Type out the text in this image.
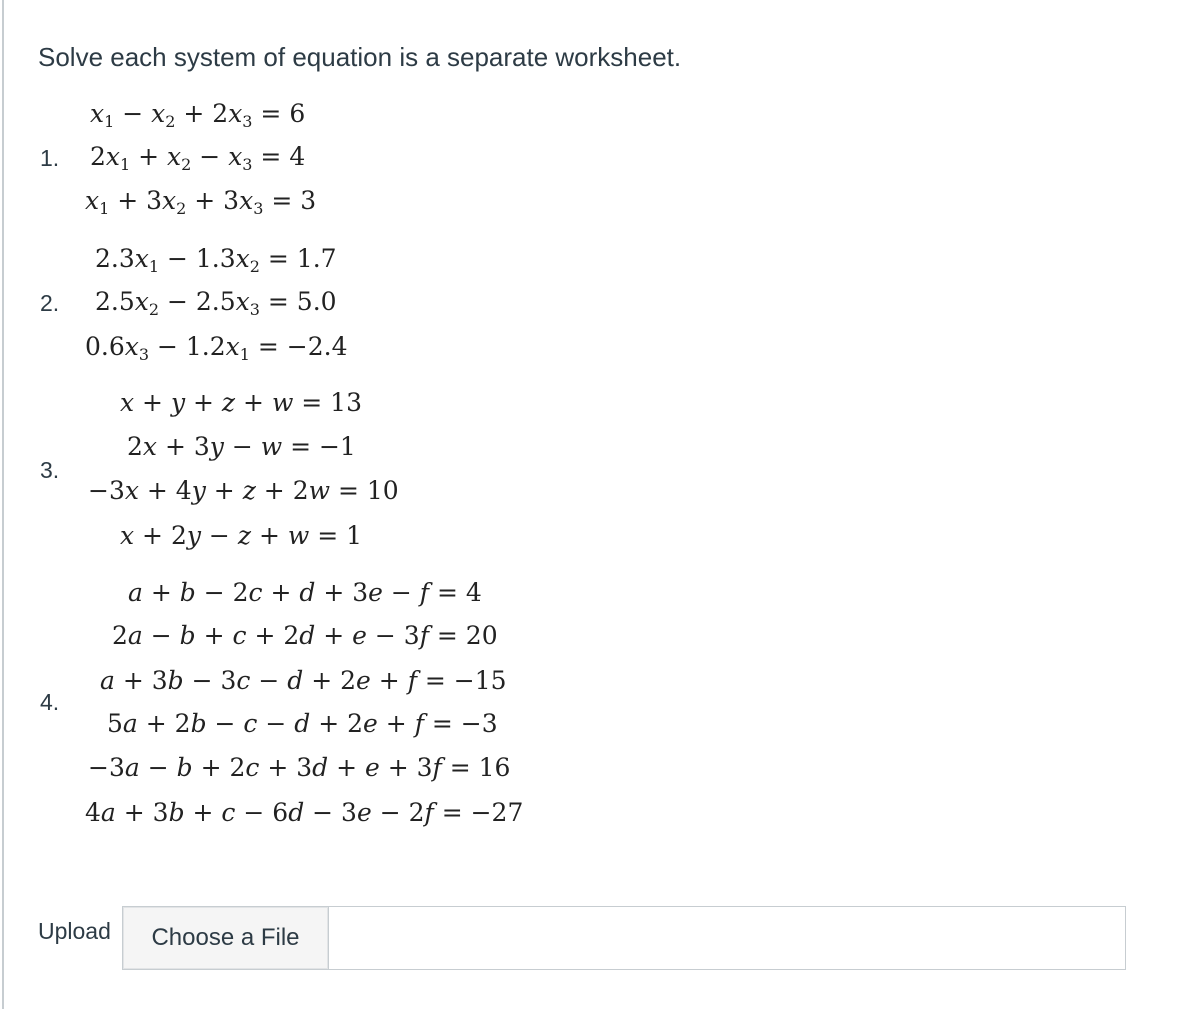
Solve each system of equation is a separate worksheet.
1.
$x_1 - x_2 + 2x_3 = 6$
$2x_1 + x_2 - x_3 = 4$
$x_1 + 3x_2 + 3x_3 = 3$
2.
$2.3x_1 - 1.3x_2 = 1.7$
$2.5x_2 - 2.5x_3 = 5.0$
$0.6x_3 - 1.2x_1 = -2.4$
3.
x + y + z + w = 13
2x + 3y − w = −1
−3x + 4y + z + 2w = 10
x + 2y − z + w = 1
4.
a + b − 2c + d + 3e − f = 4
2a − b + c + 2d + e − 3f = 20
a + 3b − 3c − d + 2e + f = −15
5a + 2b − c − d + 2e + f = −3
−3a − b + 2c + 3d + e + 3f = 16
4a + 3b + c − 6d − 3e − 2f = −27
Upload	Choose a File
